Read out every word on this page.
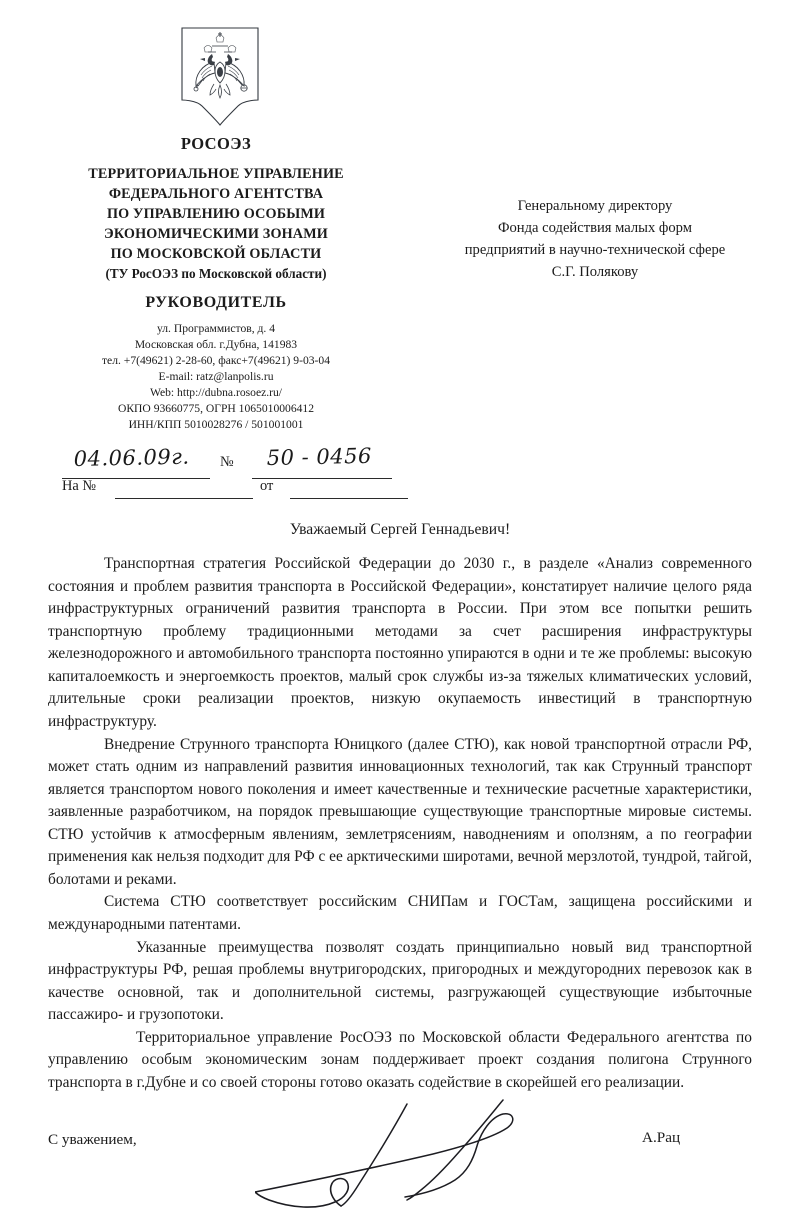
РОСОЭЗ
ТЕРРИТОРИАЛЬНОЕ УПРАВЛЕНИЕ
ФЕДЕРАЛЬНОГО АГЕНТСТВА
ПО УПРАВЛЕНИЮ ОСОБЫМИ
ЭКОНОМИЧЕСКИМИ ЗОНАМИ
ПО МОСКОВСКОЙ ОБЛАСТИ
(ТУ РосОЭЗ по Московской области)
РУКОВОДИТЕЛЬ
ул. Программистов, д. 4
Московская обл. г.Дубна, 141983
тел. +7(49621) 2-28-60, факс+7(49621) 9-03-04
E-mail: ratz@lanpolis.ru
Web: http://dubna.rosoez.ru/
ОКПО 93660775, ОГРН 1065010006412
ИНН/КПП 5010028276 / 501001001
Генеральному директору
Фонда содействия малых форм
предприятий в научно-технической сфере
С.Г. Полякову
04.06.09г. № 50 - 0456
На №	от
Уважаемый Сергей Геннадьевич!

Транспортная стратегия Российской Федерации до 2030 г., в разделе «Анализ современного состояния и проблем развития транспорта в Российской Федерации», констатирует наличие целого ряда инфраструктурных ограничений развития транспорта в России. При этом все попытки решить транспортную проблему традиционными методами за счет расширения инфраструктуры железнодорожного и автомобильного транспорта постоянно упираются в одни и те же проблемы: высокую капиталоемкость и энергоемкость проектов, малый срок службы из-за тяжелых климатических условий, длительные сроки реализации проектов, низкую окупаемость инвестиций в транспортную инфраструктуру.

Внедрение Струнного транспорта Юницкого (далее СТЮ), как новой транспортной отрасли РФ, может стать одним из направлений развития инновационных технологий, так как Струнный транспорт является транспортом нового поколения и имеет качественные и технические расчетные характеристики, заявленные разработчиком, на порядок превышающие существующие транспортные мировые системы. СТЮ устойчив к атмосферным явлениям, землетрясениям, наводнениям и оползням, а по географии применения как нельзя подходит для РФ с ее арктическими широтами, вечной мерзлотой, тундрой, тайгой, болотами и реками.

Система СТЮ соответствует российским СНИПам и ГОСТам, защищена российскими и международными патентами.

Указанные преимущества позволят создать принципиально новый вид транспортной инфраструктуры РФ, решая проблемы внутригородских, пригородных и междугородних перевозок как в качестве основной, так и дополнительной системы, разгружающей существующие избыточные пассажиро- и грузопотоки.

Территориальное управление РосОЭЗ по Московской области Федерального агентства по управлению особым экономическим зонам поддерживает проект создания полигона Струнного транспорта в г.Дубне и со своей стороны готово оказать содействие в скорейшей его реализации.

С уважением,	А.Рац
